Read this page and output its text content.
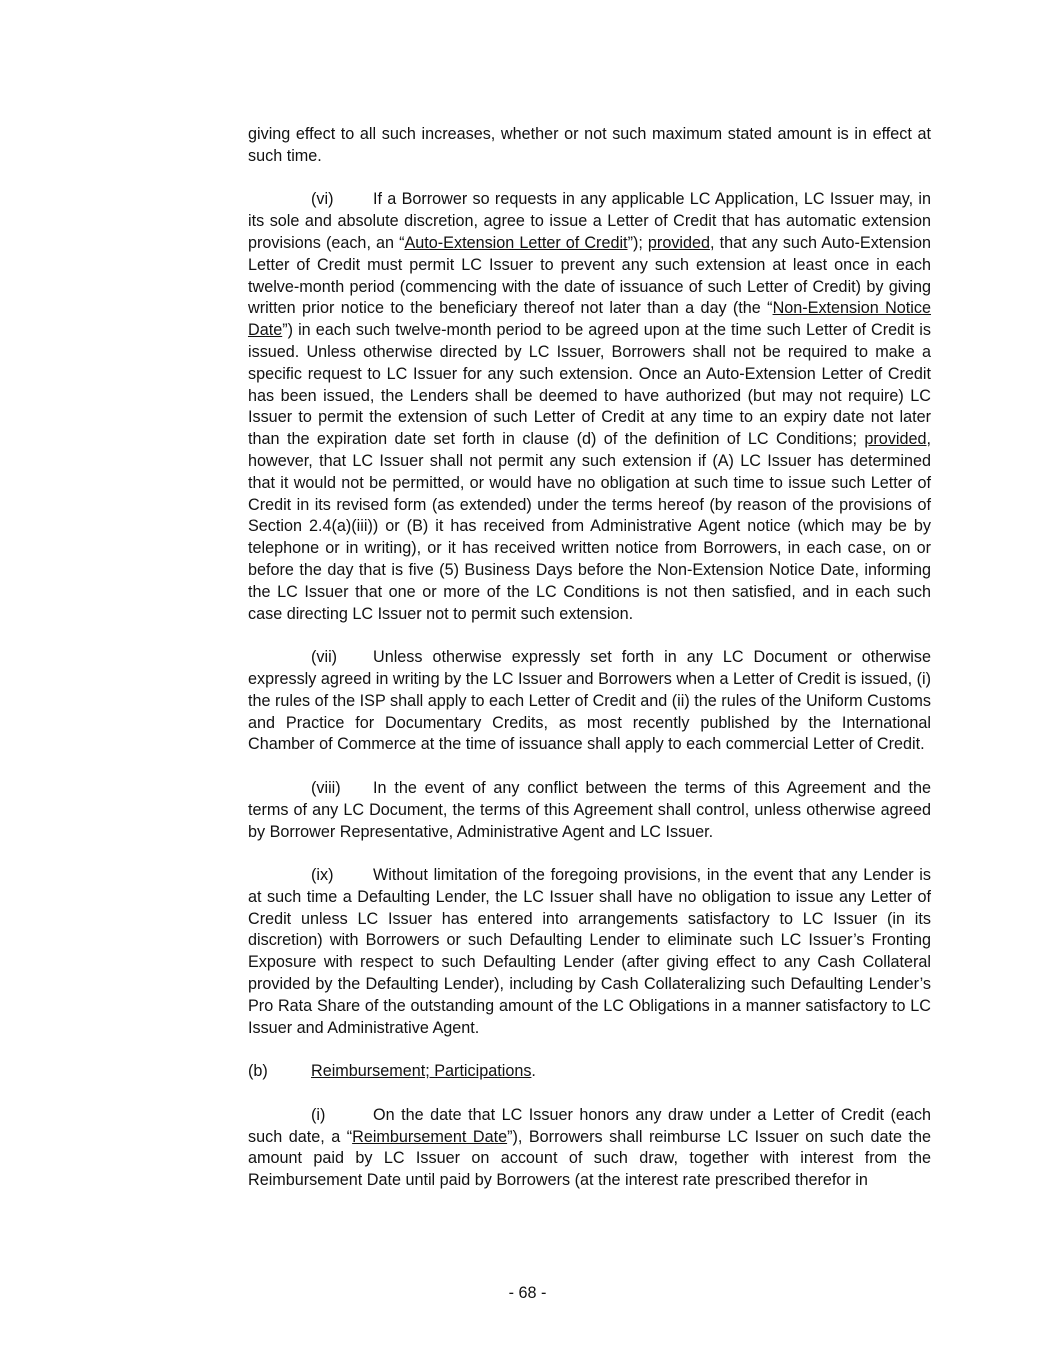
giving effect to all such increases, whether or not such maximum stated amount is in effect at such time.

(vi) If a Borrower so requests in any applicable LC Application, LC Issuer may, in its sole and absolute discretion, agree to issue a Letter of Credit that has automatic extension provisions (each, an “Auto-Extension Letter of Credit”); provided, that any such Auto-Extension Letter of Credit must permit LC Issuer to prevent any such extension at least once in each twelve-month period (commencing with the date of issuance of such Letter of Credit) by giving written prior notice to the beneficiary thereof not later than a day (the “Non-Extension Notice Date”) in each such twelve-month period to be agreed upon at the time such Letter of Credit is issued. Unless otherwise directed by LC Issuer, Borrowers shall not be required to make a specific request to LC Issuer for any such extension. Once an Auto-Extension Letter of Credit has been issued, the Lenders shall be deemed to have authorized (but may not require) LC Issuer to permit the extension of such Letter of Credit at any time to an expiry date not later than the expiration date set forth in clause (d) of the definition of LC Conditions; provided, however, that LC Issuer shall not permit any such extension if (A) LC Issuer has determined that it would not be permitted, or would have no obligation at such time to issue such Letter of Credit in its revised form (as extended) under the terms hereof (by reason of the provisions of Section 2.4(a)(iii)) or (B) it has received from Administrative Agent notice (which may be by telephone or in writing), or it has received written notice from Borrowers, in each case, on or before the day that is five (5) Business Days before the Non-Extension Notice Date, informing the LC Issuer that one or more of the LC Conditions is not then satisfied, and in each such case directing LC Issuer not to permit such extension.

(vii) Unless otherwise expressly set forth in any LC Document or otherwise expressly agreed in writing by the LC Issuer and Borrowers when a Letter of Credit is issued, (i) the rules of the ISP shall apply to each Letter of Credit and (ii) the rules of the Uniform Customs and Practice for Documentary Credits, as most recently published by the International Chamber of Commerce at the time of issuance shall apply to each commercial Letter of Credit.

(viii) In the event of any conflict between the terms of this Agreement and the terms of any LC Document, the terms of this Agreement shall control, unless otherwise agreed by Borrower Representative, Administrative Agent and LC Issuer.

(ix) Without limitation of the foregoing provisions, in the event that any Lender is at such time a Defaulting Lender, the LC Issuer shall have no obligation to issue any Letter of Credit unless LC Issuer has entered into arrangements satisfactory to LC Issuer (in its discretion) with Borrowers or such Defaulting Lender to eliminate such LC Issuer’s Fronting Exposure with respect to such Defaulting Lender (after giving effect to any Cash Collateral provided by the Defaulting Lender), including by Cash Collateralizing such Defaulting Lender’s Pro Rata Share of the outstanding amount of the LC Obligations in a manner satisfactory to LC Issuer and Administrative Agent.

(b)	Reimbursement; Participations.

(i)	On the date that LC Issuer honors any draw under a Letter of Credit (each such date, a “Reimbursement Date”), Borrowers shall reimburse LC Issuer on such date the amount paid by LC Issuer on account of such draw, together with interest from the Reimbursement Date until paid by Borrowers (at the interest rate prescribed therefor in

- 68 -
